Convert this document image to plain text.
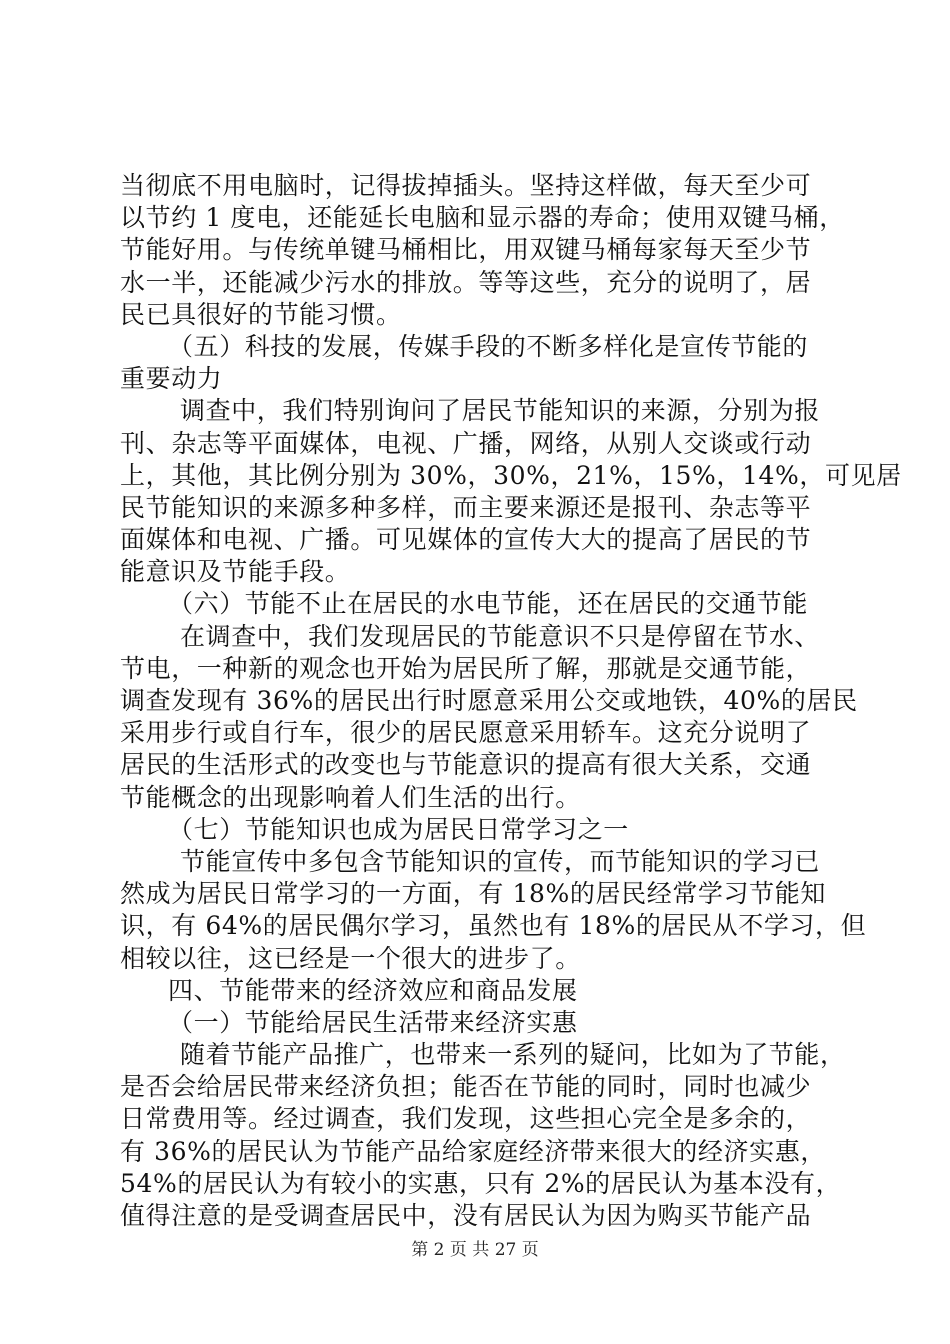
当彻底不用电脑时，记得拔掉插头。坚持这样做，每天至少可
以节约 1 度电，还能延长电脑和显示器的寿命；使用双键马桶，
节能好用。与传统单键马桶相比，用双键马桶每家每天至少节
水一半，还能减少污水的排放。等等这些，充分的说明了，居
民已具很好的节能习惯。
（五）科技的发展，传媒手段的不断多样化是宣传节能的
重要动力
调查中，我们特别询问了居民节能知识的来源，分别为报
刊、杂志等平面媒体，电视、广播，网络，从别人交谈或行动
上，其他，其比例分别为 30%，30%，21%，15%，14%，可见居
民节能知识的来源多种多样，而主要来源还是报刊、杂志等平
面媒体和电视、广播。可见媒体的宣传大大的提高了居民的节
能意识及节能手段。
（六）节能不止在居民的水电节能，还在居民的交通节能
在调查中，我们发现居民的节能意识不只是停留在节水、
节电，一种新的观念也开始为居民所了解，那就是交通节能，
调查发现有 36%的居民出行时愿意采用公交或地铁，40%的居民
采用步行或自行车，很少的居民愿意采用轿车。这充分说明了
居民的生活形式的改变也与节能意识的提高有很大关系，交通
节能概念的出现影响着人们生活的出行。
（七）节能知识也成为居民日常学习之一
节能宣传中多包含节能知识的宣传，而节能知识的学习已
然成为居民日常学习的一方面，有 18%的居民经常学习节能知
识，有 64%的居民偶尔学习，虽然也有 18%的居民从不学习，但
相较以往，这已经是一个很大的进步了。
四、节能带来的经济效应和商品发展
（一）节能给居民生活带来经济实惠
随着节能产品推广，也带来一系列的疑问，比如为了节能，
是否会给居民带来经济负担；能否在节能的同时，同时也减少
日常费用等。经过调查，我们发现，这些担心完全是多余的，
有 36%的居民认为节能产品给家庭经济带来很大的经济实惠，
54%的居民认为有较小的实惠，只有 2%的居民认为基本没有，
值得注意的是受调查居民中，没有居民认为因为购买节能产品
第 2 页 共 27 页
